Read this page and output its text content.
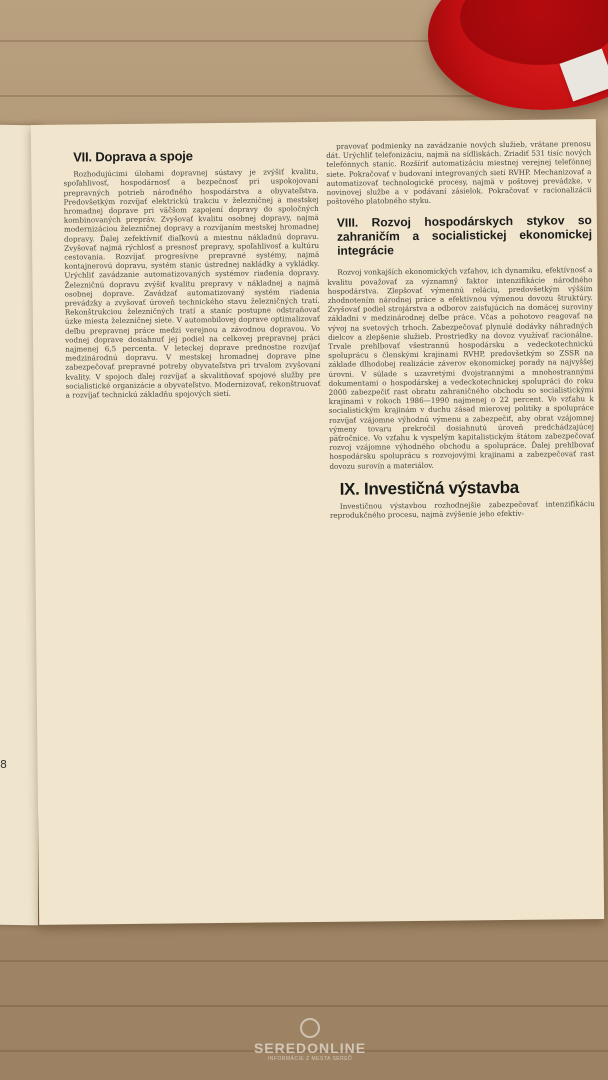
8
VII. Doprava a spoje

Rozhodujúcimi úlohami dopravnej sústavy je zvýšiť kvalitu, spoľahlivosť, hospodárnosť a bezpečnosť pri uspokojovaní prepravných potrieb národného hospodárstva a obyvateľstva. Predovšetkým rozvíjať elektrickú trakciu v železničnej a mestskej hromadnej doprave pri väčšom zapojení dopravy do spoločných kombinovaných prepráv. Zvyšovať kvalitu osobnej dopravy, najmä modernizáciou železničnej dopravy a rozvíjaním mestskej hromadnej dopravy. Ďalej zefektívniť diaľkovú a miestnu nákladnú dopravu. Zvyšovať najmä rýchlosť a presnosť prepravy, spoľahlivosť a kultúru cestovania. Rozvíjať progresívne prepravné systémy, najmä kontajnerovú dopravu, systém stanic ústrednej nakládky a vykládky. Urýchliť zavádzanie automatizovaných systémov riadenia dopravy. Železničnú dopravu zvýšiť kvalitu prepravy v nákladnej a najmä osobnej doprave. Zavádzať automatizovaný systém riadenia prevádzky a zvyšovať úroveň technického stavu železničných tratí. Rekonštrukciou železničných tratí a staníc postupne odstraňovať úzke miesta železničnej siete. V automobilovej doprave optimalizovať deľbu prepravnej práce medzi verejnou a závodnou dopravou. Vo vodnej doprave dosiahnuť jej podiel na celkovej prepravnej práci najmenej 6,5 percenta. V leteckej doprave prednostne rozvíjať medzinárodnú dopravu. V mestskej hromadnej doprave plne zabezpečovať prepravné potreby obyvateľstva pri trvalom zvyšovaní kvality. V spojoch ďalej rozvíjať a skvalitňovať spojové služby pre socialistické organizácie a obyvateľstvo. Modernizovať, rekonštruovať a rozvíjať technickú základňu spojových sietí.

pravovať podmienky na zavádzanie nových služieb, vrátane prenosu dát. Urýchliť telefonizáciu, najmä na sídliskách. Zriadiť 531 tisíc nových telefónnych staníc. Rozšíriť automatizáciu miestnej verejnej telefónnej siete. Pokračovať v budovaní integrovaných sietí RVHP. Mechanizovať a automatizovať technologické procesy, najmä v poštovej prevádzke, v novinovej službe a v podávaní zásielok. Pokračovať v racionalizácii poštového platobného styku.

VIII. Rozvoj hospodárskych stykov so zahraničím a socialistickej ekonomickej integrácie

Rozvoj vonkajších ekonomických vzťahov, ich dynamiku, efektívnosť a kvalitu považovať za významný faktor intenzifikácie národného hospodárstva. Zlepšovať výmennú reláciu, predovšetkým výšším zhodnotením národnej práce a efektívnou výmenou dovozu štruktúry. Zvyšovať podiel strojárstva a odborov zaisťujúcich na domácej suroviny základni v medzinárodnej deľbe práce. Včas a pohotovo reagovať na vývoj na svetových trhoch. Zabezpečovať plynulé dodávky náhradných dielcov a zlepšenie služieb. Prostriedky na dovoz využívať racionálne. Trvale prehlbovať všestrannú hospodársku a vedeckotechnickú spoluprácu s členskými krajinami RVHP, predovšetkým so ZSSR na základe dlhodobej realizácie záverov ekonomickej porady na najvyššej úrovni. V súlade s uzavretými dvojstrannými a mnohostrannými dokumentami o hospodárskej a vedeckotechnickej spolupráci do roku 2000 zabezpečiť rast obratu zahraničného obchodu so socialistickými krajinami v rokoch 1986—1990 najmenej o 22 percent. Vo vzťahu k socialistickým krajinám v duchu zásad mierovej politiky a spolupráce rozvíjať vzájomne výhodnú výmenu a zabezpečiť, aby obrat vzájomnej výmeny tovaru prekročil dosiahnutú úroveň predchádzajúcej päťročnice. Vo vzťahu k vyspelým kapitalistickým štátom zabezpečovať rozvoj vzájomne výhodného obchodu a spolupráce. Ďalej prehlbovať hospodársku spoluprácu s rozvojovými krajinami a zabezpečovať rast dovozu surovín a materiálov.

IX. Investičná výstavba

Investičnou výstavbou rozhodnejšie zabezpečovať intenzifikáciu reprodukčného procesu, najmä zvýšenie jeho efektív-

SEREDONLINE
INFORMÁCIE Z MESTA SEREĎ
